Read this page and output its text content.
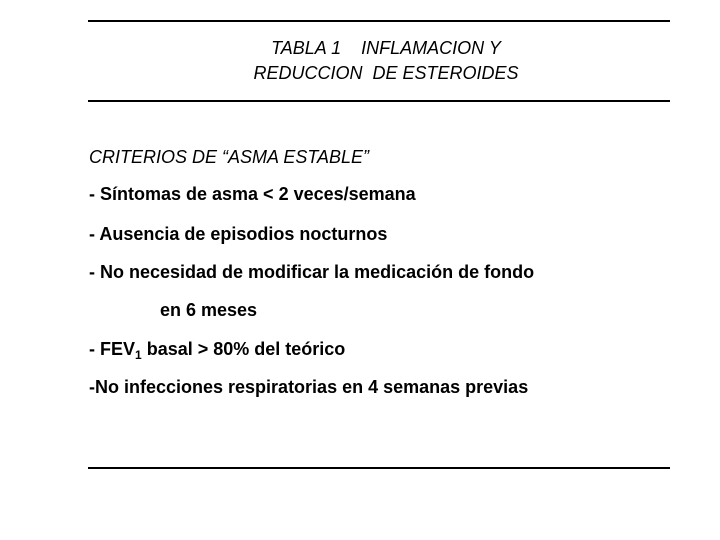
TABLA 1    INFLAMACION Y
REDUCCION  DE ESTEROIDES
CRITERIOS DE “ASMA ESTABLE”
- Síntomas de asma < 2 veces/semana
- Ausencia de episodios nocturnos
- No necesidad de modificar la medicación de fondo
en 6 meses
- $FEV_1$ basal > 80% del teórico
-No infecciones respiratorias en 4 semanas previas
